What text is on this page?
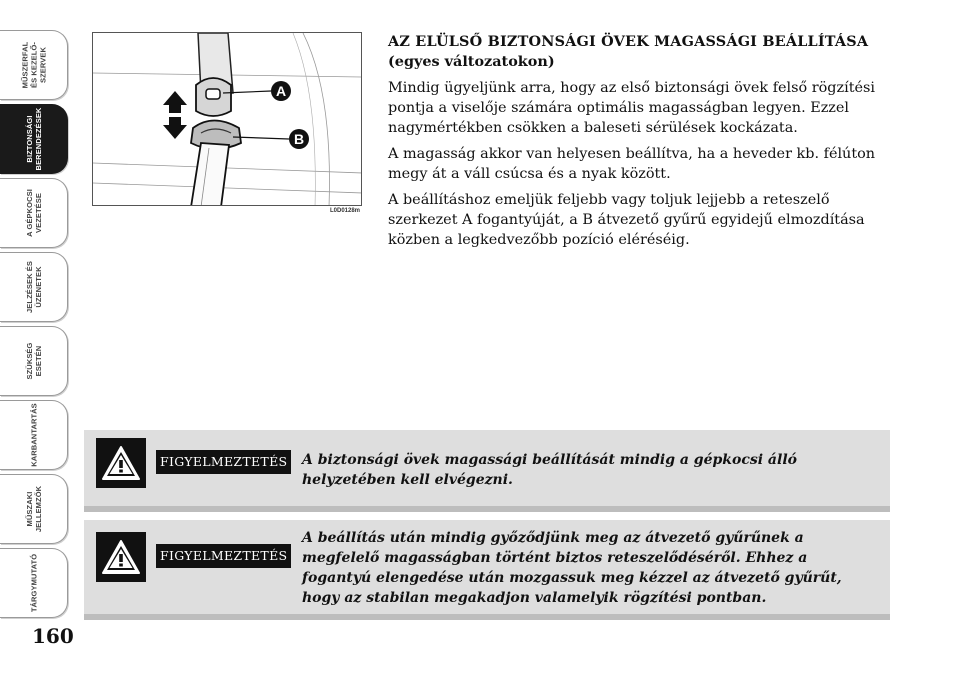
MŰSZERFAL
ÉS KEZELŐ-
SZERVEK
BIZTONSÁGI
BERENDEZÉSEK
A GÉPKOCSI
VEZETÉSE
JELZÉSEK ÉS
ÜZENETEK
SZÜKSÉG
ESETÉN
KARBANTARTÁS
MŰSZAKI
JELLEMZŐK
TÁRGYMUTATÓ
160
A
B
L0D0128m
AZ ELÜLSŐ BIZTONSÁGI ÖVEK MAGASSÁGI BEÁLLÍTÁSA
(egyes változatokon)

Mindig ügyeljünk arra, hogy az első biztonsági övek felső rögzítési pontja a viselője számára optimális magasságban legyen. Ezzel nagymértékben csökken a baleseti sérülések kockázata.

A magasság akkor van helyesen beállítva, ha a heveder kb. félúton megy át a váll csúcsa és a nyak között.

A beállításhoz emeljük feljebb vagy toljuk lejjebb a reteszelő szerkezet A fogantyúját, a B átvezető gyűrű egyidejű elmozdítása közben a legkedvezőbb pozíció eléréséig.

FIGYELMEZTETÉS A biztonsági övek magassági beállítását mindig a gépkocsi álló helyzetében kell elvégezni.
FIGYELMEZTETÉS
A beállítás után mindig győződjünk meg az átvezető gyűrűnek a megfelelő magasságban történt biztos reteszelődéséről. Ehhez a fogantyú elengedése után mozgassuk meg kézzel az átvezető gyűrűt, hogy az stabilan megakadjon valamelyik rögzítési pontban.
